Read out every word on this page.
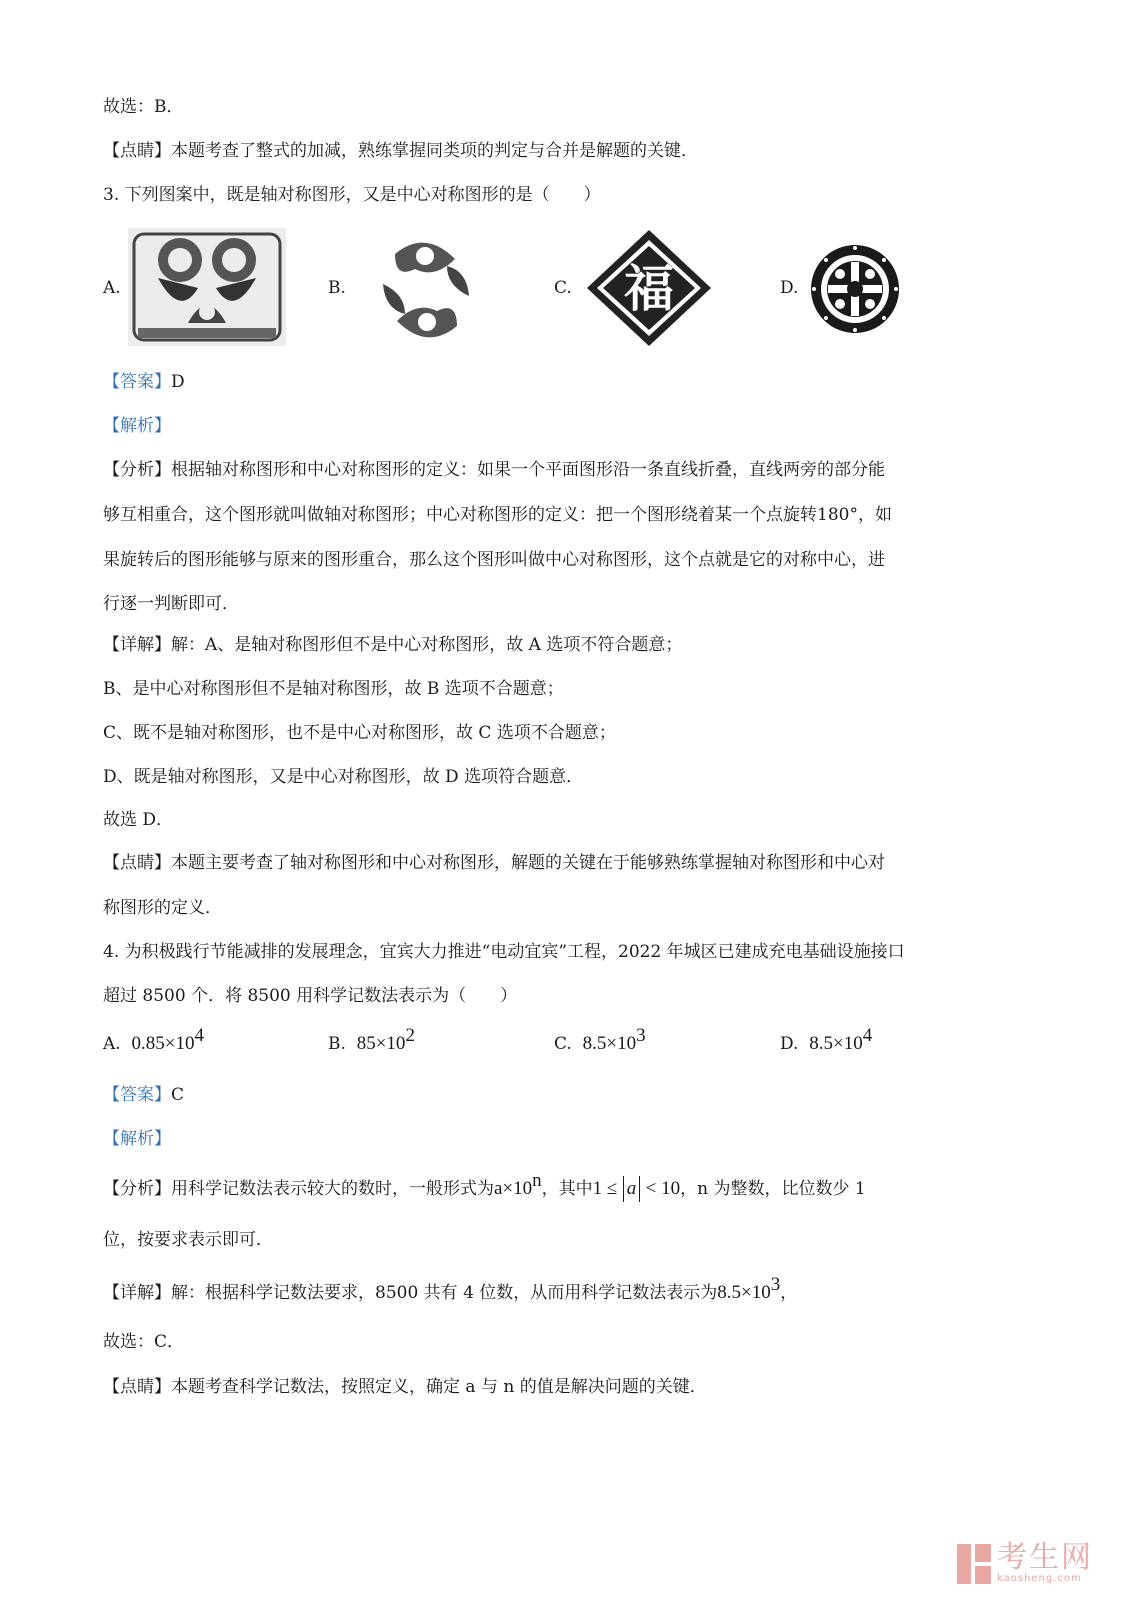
故选：B．
【点睛】本题考查了整式的加减，熟练掌握同类项的判定与合并是解题的关键．
3. 下列图案中，既是轴对称图形，又是中心对称图形的是（　　）
A.	B.	C. 福	D.
【答案】D
【解析】
【分析】根据轴对称图形和中心对称图形的定义：如果一个平面图形沿一条直线折叠，直线两旁的部分能
够互相重合，这个图形就叫做轴对称图形；中心对称图形的定义：把一个图形绕着某一个点旋转180°，如
果旋转后的图形能够与原来的图形重合，那么这个图形叫做中心对称图形，这个点就是它的对称中心，进
行逐一判断即可．
【详解】解：A、是轴对称图形但不是中心对称图形，故 A 选项不符合题意；
B、是中心对称图形但不是轴对称图形，故 B 选项不合题意；
C、既不是轴对称图形，也不是中心对称图形，故 C 选项不合题意；
D、既是轴对称图形，又是中心对称图形，故 D 选项符合题意．
故选 D．
【点睛】本题主要考查了轴对称图形和中心对称图形，解题的关键在于能够熟练掌握轴对称图形和中心对
称图形的定义．
4. 为积极践行节能减排的发展理念，宜宾大力推进“电动宜宾”工程，2022 年城区已建成充电基础设施接口
超过 8500 个．将 8500 用科学记数法表示为（　　）
A. $0.85\times 10^4$	B. $85\times 10^2$	C. $8.5\times 10^3$	D. $8.5\times 10^4$
【答案】C
【解析】
【分析】用科学记数法表示较大的数时，一般形式为$a\times 10^n$，其中1 ≤ a < 10，n 为整数，比位数少 1
位，按要求表示即可．
【详解】解：根据科学记数法要求，8500 共有 4 位数，从而用科学记数法表示为$8.5\times 10^3$，
故选：C．
【点睛】本题考查科学记数法，按照定义，确定 a 与 n 的值是解决问题的关键．
考生网
kaosheng.com
